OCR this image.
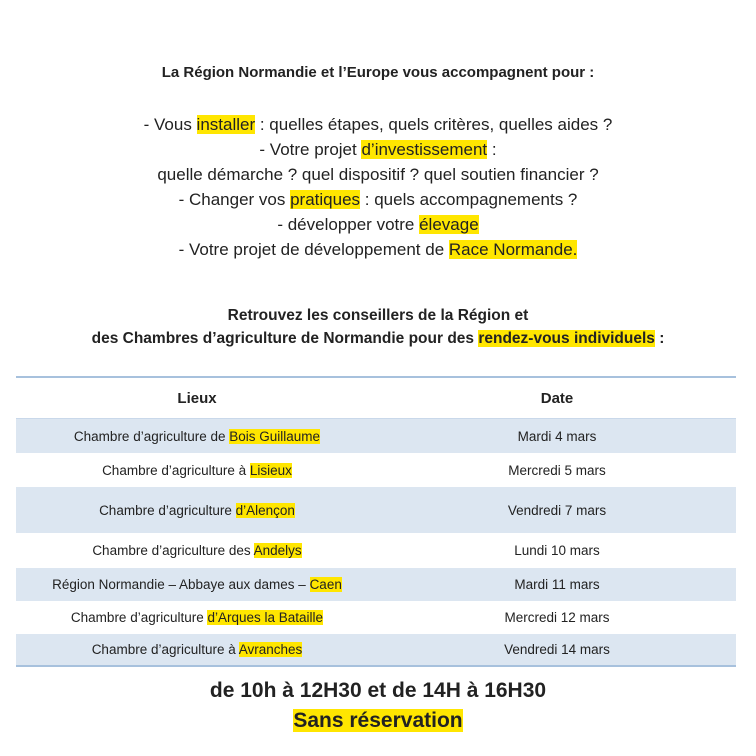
La Région Normandie et l’Europe vous accompagnent pour :
- Vous installer : quelles étapes, quels critères, quelles aides ?
- Votre projet d’investissement :
quelle démarche ? quel dispositif ? quel soutien financier ?
- Changer vos pratiques : quels accompagnements ?
- développer votre élevage
- Votre projet de développement de Race Normande.
Retrouvez les conseillers de la Région et
des Chambres d’agriculture de Normandie pour des rendez-vous individuels :
Lieux	Date
Chambre d’agriculture de Bois Guillaume	Mardi 4 mars
Chambre d’agriculture à Lisieux	Mercredi 5 mars
Chambre d’agriculture d’Alençon	Vendredi 7 mars
Chambre d’agriculture des Andelys	Lundi 10 mars
Région Normandie – Abbaye aux dames – Caen	Mardi 11 mars
Chambre d’agriculture d’Arques la Bataille	Mercredi 12 mars
Chambre d’agriculture à Avranches	Vendredi 14 mars
de 10h à 12H30 et de 14H à 16H30
Sans réservation
